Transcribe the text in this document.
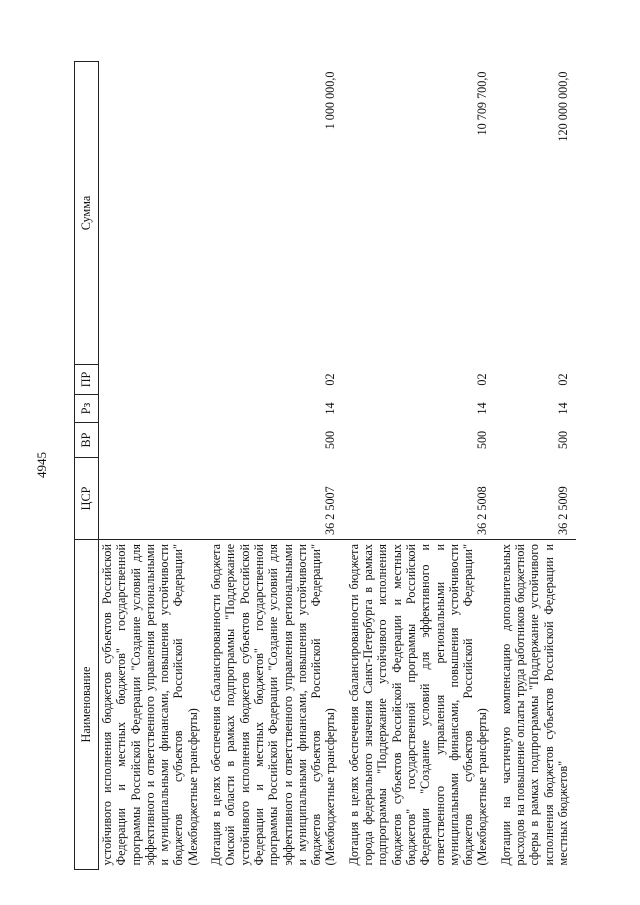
4945
Наименование	ЦСР	ВР	Рз	ПР	Сумма
устойчивого исполнения бюджетов субъектов Российской Федерации и местных бюджетов" государственной программы Российской Федерации "Создание условий для эффективного и ответственного управления региональными и муниципальными финансами, повышения устойчивости бюджетов субъектов Российской Федерации" (Межбюджетные трансферты)					
Дотация в целях обеспечения сбалансированности бюджета Омской области в рамках подпрограммы "Поддержание устойчивого исполнения бюджетов субъектов Российской Федерации и местных бюджетов" государственной программы Российской Федерации "Создание условий для эффективного и ответственного управления региональными и муниципальными финансами, повышения устойчивости бюджетов субъектов Российской Федерации" (Межбюджетные трансферты)	36 2 5007	500	14	02	1 000 000,0
Дотация в целях обеспечения сбалансированности бюджета города федерального значения Санкт-Петербурга в рамках подпрограммы "Поддержание устойчивого исполнения бюджетов субъектов Российской Федерации и местных бюджетов" государственной программы Российской Федерации "Создание условий для эффективного и ответственного управления региональными и муниципальными финансами, повышения устойчивости бюджетов субъектов Российской Федерации" (Межбюджетные трансферты)	36 2 5008	500	14	02	10 709 700,0
Дотации на частичную компенсацию дополнительных расходов на повышение оплаты труда работников бюджетной сферы в рамках подпрограммы "Поддержание устойчивого исполнения бюджетов субъектов Российской Федерации и местных бюджетов"	36 2 5009	500	14	02	120 000 000,0
